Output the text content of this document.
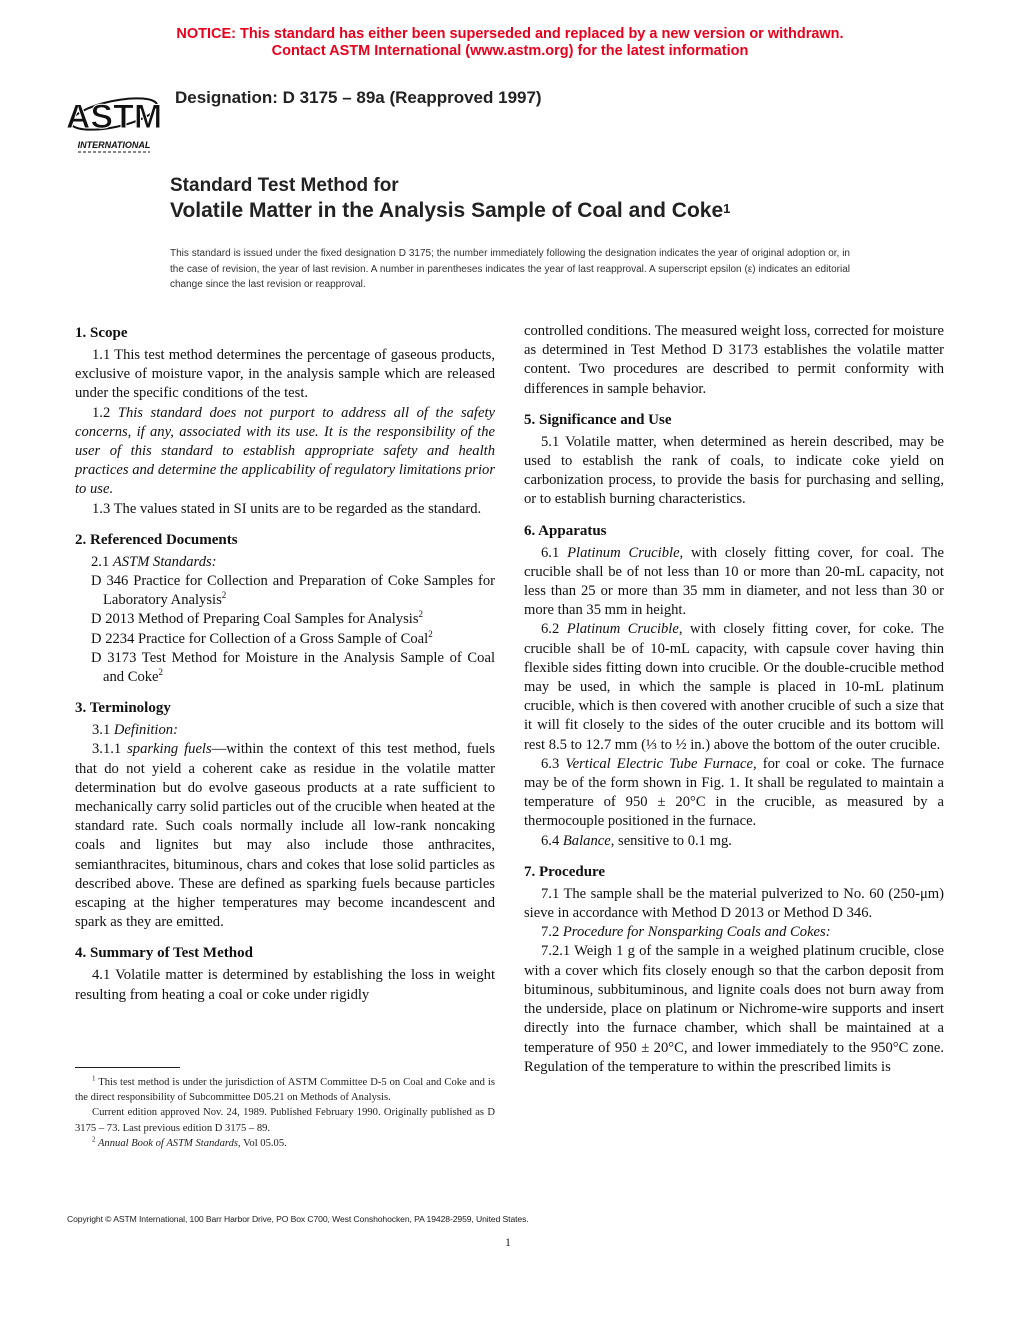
NOTICE: This standard has either been superseded and replaced by a new version or withdrawn.
Contact ASTM International (www.astm.org) for the latest information
ASTM
INTERNATIONAL
Designation: D 3175 – 89a (Reapproved 1997)
Standard Test Method for
Volatile Matter in the Analysis Sample of Coal and Coke$^1$
This standard is issued under the fixed designation D 3175; the number immediately following the designation indicates the year of original adoption or, in the case of revision, the year of last revision. A number in parentheses indicates the year of last reapproval. A superscript epsilon (ε) indicates an editorial change since the last revision or reapproval.
1. Scope

1.1 This test method determines the percentage of gaseous products, exclusive of moisture vapor, in the analysis sample which are released under the specific conditions of the test.

1.2 This standard does not purport to address all of the safety concerns, if any, associated with its use. It is the responsibility of the user of this standard to establish appropriate safety and health practices and determine the applicability of regulatory limitations prior to use.

1.3 The values stated in SI units are to be regarded as the standard.

2. Referenced Documents
2.1 ASTM Standards:
D 346 Practice for Collection and Preparation of Coke Samples for Laboratory Analysis$^2$
D 2013 Method of Preparing Coal Samples for Analysis$^2$
D 2234 Practice for Collection of a Gross Sample of Coal$^2$
D 3173 Test Method for Moisture in the Analysis Sample of Coal and Coke$^2$
3. Terminology

3.1 Definition:

3.1.1 sparking fuels—within the context of this test method, fuels that do not yield a coherent cake as residue in the volatile matter determination but do evolve gaseous products at a rate sufficient to mechanically carry solid particles out of the crucible when heated at the standard rate. Such coals normally include all low-rank noncaking coals and lignites but may also include those anthracites, semianthracites, bituminous, chars and cokes that lose solid particles as described above. These are defined as sparking fuels because particles escaping at the higher temperatures may become incandescent and spark as they are emitted.

4. Summary of Test Method

4.1 Volatile matter is determined by establishing the loss in weight resulting from heating a coal or coke under rigidly

$^1$ This test method is under the jurisdiction of ASTM Committee D-5 on Coal and Coke and is the direct responsibility of Subcommittee D05.21 on Methods of Analysis.

Current edition approved Nov. 24, 1989. Published February 1990. Originally published as D 3175 – 73. Last previous edition D 3175 – 89.

$^2$ Annual Book of ASTM Standards, Vol 05.05.

controlled conditions. The measured weight loss, corrected for moisture as determined in Test Method D 3173 establishes the volatile matter content. Two procedures are described to permit conformity with differences in sample behavior.

5. Significance and Use

5.1 Volatile matter, when determined as herein described, may be used to establish the rank of coals, to indicate coke yield on carbonization process, to provide the basis for purchasing and selling, or to establish burning characteristics.

6. Apparatus

6.1 Platinum Crucible, with closely fitting cover, for coal. The crucible shall be of not less than 10 or more than 20-mL capacity, not less than 25 or more than 35 mm in diameter, and not less than 30 or more than 35 mm in height.

6.2 Platinum Crucible, with closely fitting cover, for coke. The crucible shall be of 10-mL capacity, with capsule cover having thin flexible sides fitting down into crucible. Or the double-crucible method may be used, in which the sample is placed in 10-mL platinum crucible, which is then covered with another crucible of such a size that it will fit closely to the sides of the outer crucible and its bottom will rest 8.5 to 12.7 mm (⅓ to ½ in.) above the bottom of the outer crucible.

6.3 Vertical Electric Tube Furnace, for coal or coke. The furnace may be of the form shown in Fig. 1. It shall be regulated to maintain a temperature of 950 ± 20°C in the crucible, as measured by a thermocouple positioned in the furnace.

6.4 Balance, sensitive to 0.1 mg.

7. Procedure

7.1 The sample shall be the material pulverized to No. 60 (250-μm) sieve in accordance with Method D 2013 or Method D 346.

7.2 Procedure for Nonsparking Coals and Cokes:

7.2.1 Weigh 1 g of the sample in a weighed platinum crucible, close with a cover which fits closely enough so that the carbon deposit from bituminous, subbituminous, and lignite coals does not burn away from the underside, place on platinum or Nichrome-wire supports and insert directly into the furnace chamber, which shall be maintained at a temperature of 950 ± 20°C, and lower immediately to the 950°C zone. Regulation of the temperature to within the prescribed limits is

Copyright © ASTM International, 100 Barr Harbor Drive, PO Box C700, West Conshohocken, PA 19428-2959, United States.
1
